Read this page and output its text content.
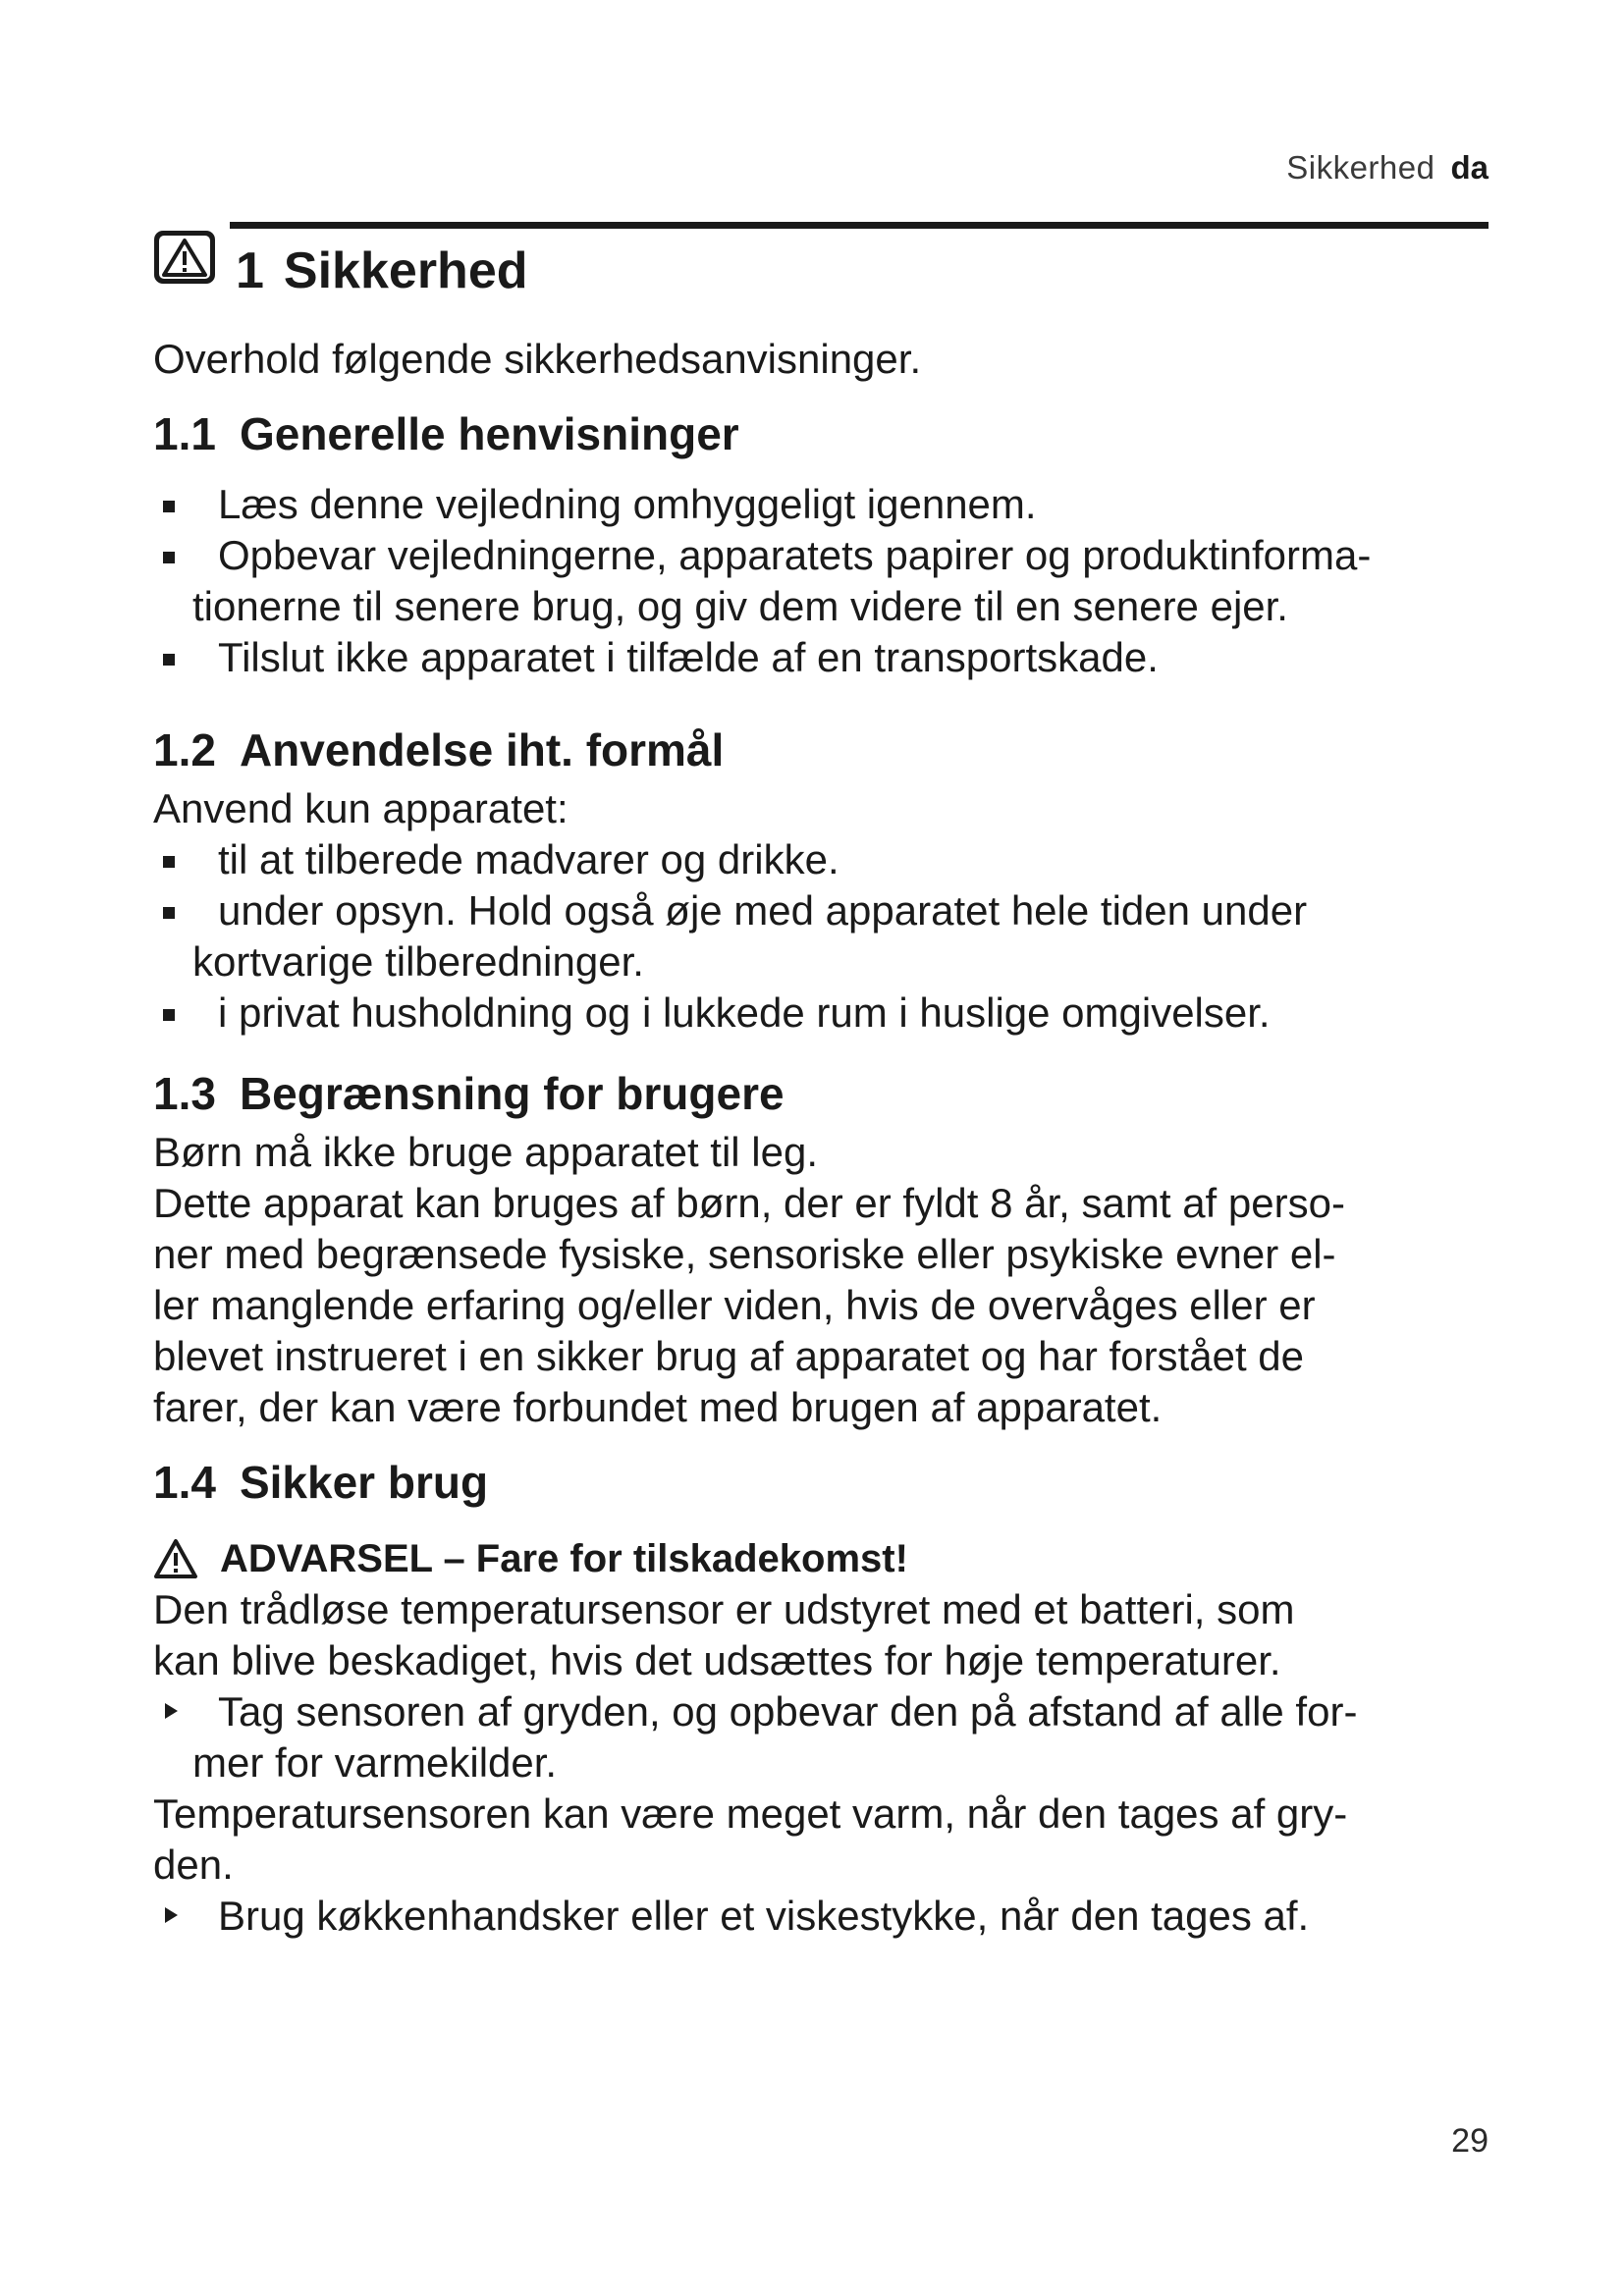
Sikkerhed da
1 Sikkerhed

Overhold følgende sikkerhedsanvisninger.

1.1 Generelle henvisninger
Læs denne vejledning omhyggeligt igennem.
Opbevar vejledningerne, apparatets papirer og produktinforma-
tionerne til senere brug, og giv dem videre til en senere ejer.
Tilslut ikke apparatet i tilfælde af en transportskade.
1.2 Anvendelse iht. formål

Anvend kun apparatet:

til at tilberede madvarer og drikke.
under opsyn. Hold også øje med apparatet hele tiden under
kortvarige tilberedninger.
i privat husholdning og i lukkede rum i huslige omgivelser.
1.3 Begrænsning for brugere
Børn må ikke bruge apparatet til leg.
Dette apparat kan bruges af børn, der er fyldt 8 år, samt af perso-
ner med begrænsede fysiske, sensoriske eller psykiske evner el-
ler manglende erfaring og/eller viden, hvis de overvåges eller er
blevet instrueret i en sikker brug af apparatet og har forstået de
farer, der kan være forbundet med brugen af apparatet.
1.4 Sikker brug
ADVARSEL – Fare for tilskadekomst!
Den trådløse temperatursensor er udstyret med et batteri, som
kan blive beskadiget, hvis det udsættes for høje temperaturer.
Tag sensoren af gryden, og opbevar den på afstand af alle for-
mer for varmekilder.
Temperatursensoren kan være meget varm, når den tages af gry-
den.
Brug køkkenhandsker eller et viskestykke, når den tages af.
29
